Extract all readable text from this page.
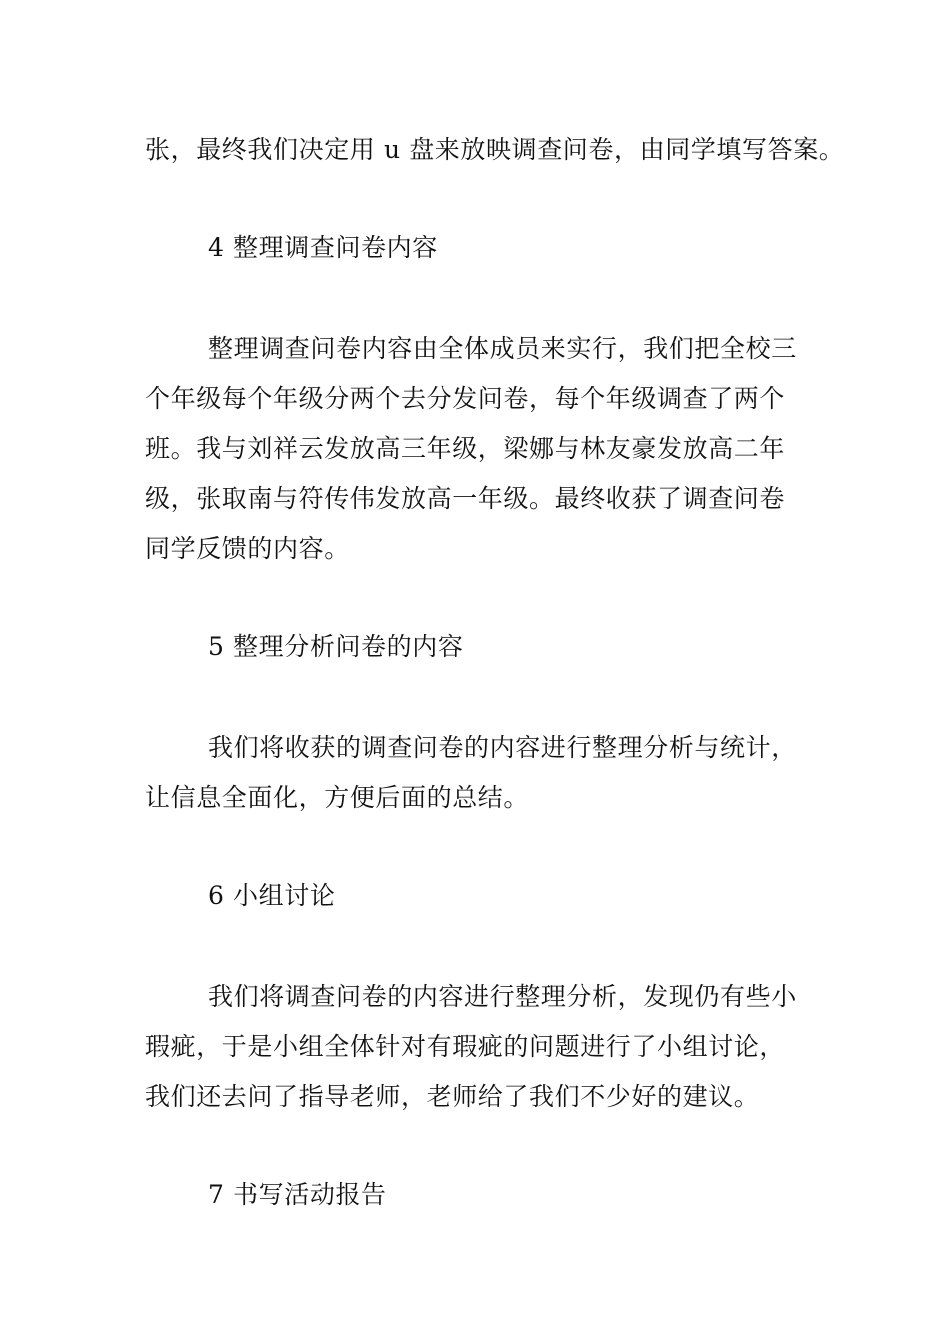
张，最终我们决定用 u 盘来放映调查问卷，由同学填写答案。
4 整理调查问卷内容
整理调查问卷内容由全体成员来实行，我们把全校三
个年级每个年级分两个去分发问卷，每个年级调查了两个
班。我与刘祥云发放高三年级，梁娜与林友豪发放高二年
级，张取南与符传伟发放高一年级。最终收获了调查问卷
同学反馈的内容。
5 整理分析问卷的内容
我们将收获的调查问卷的内容进行整理分析与统计，
让信息全面化，方便后面的总结。
6 小组讨论
我们将调查问卷的内容进行整理分析，发现仍有些小
瑕疵，于是小组全体针对有瑕疵的问题进行了小组讨论，
我们还去问了指导老师，老师给了我们不少好的建议。
7 书写活动报告
